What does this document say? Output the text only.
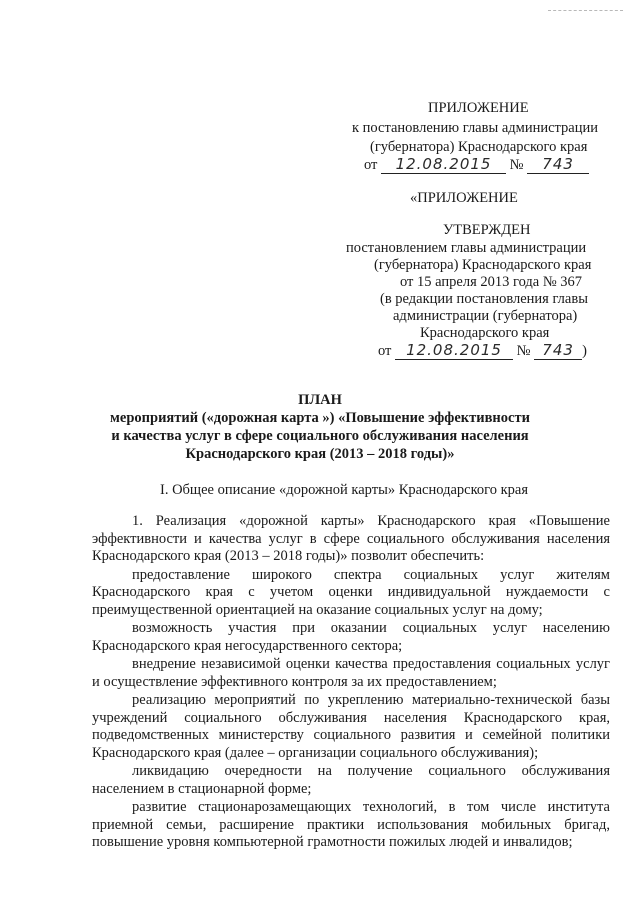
ПРИЛОЖЕНИЕ
к постановлению главы администрации
(губернатора) Краснодарского края
от 12.08.2015 № 743
«ПРИЛОЖЕНИЕ
УТВЕРЖДЕН
постановлением главы администрации
(губернатора) Краснодарского края
от 15 апреля 2013 года № 367
(в редакции постановления главы
администрации (губернатора)
Краснодарского края
от 12.08.2015 № 743 )
ПЛАН
мероприятий («дорожная карта ») «Повышение эффективности
и качества услуг в сфере социального обслуживания населения
Краснодарского края (2013 – 2018 годы)»
I. Общее описание «дорожной карты» Краснодарского края

1. Реализация «дорожной карты» Краснодарского края «Повышение эффективности и качества услуг в сфере социального обслуживания населения Краснодарского края (2013 – 2018 годы)» позволит обеспечить:

предоставление широкого спектра социальных услуг жителям Краснодарского края с учетом оценки индивидуальной нуждаемости с преимущественной ориентацией на оказание социальных услуг на дому;

возможность участия при оказании социальных услуг населению Краснодарского края негосударственного сектора;

внедрение независимой оценки качества предоставления социальных услуг и осуществление эффективного контроля за их предоставлением;

реализацию мероприятий по укреплению материально-технической базы учреждений социального обслуживания населения Краснодарского края, подведомственных министерству социального развития и семейной политики Краснодарского края (далее – организации социального обслуживания);

ликвидацию очередности на получение социального обслуживания населением в стационарной форме;

развитие стационарозамещающих технологий, в том числе института приемной семьи, расширение практики использования мобильных бригад, повышение уровня компьютерной грамотности пожилых людей и инвалидов;
